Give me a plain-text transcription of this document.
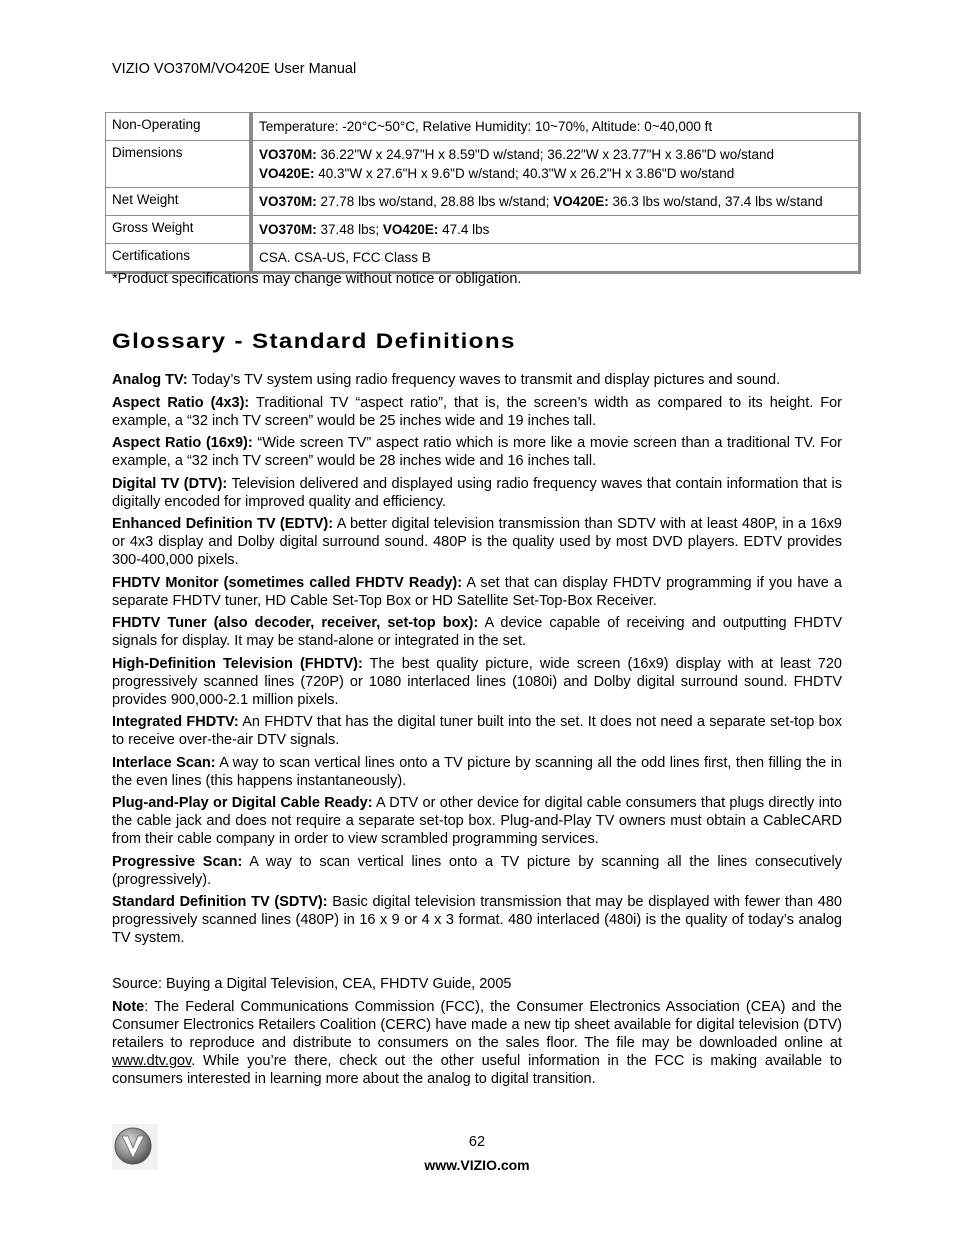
VIZIO VO370M/VO420E User Manual
Non-Operating	Temperature: -20°C~50°C, Relative Humidity: 10~70%, Altitude: 0~40,000 ft

Dimensions	VO370M: 36.22"W x 24.97"H x 8.59"D w/stand; 36.22"W x 23.77"H x 3.86"D wo/stand
VO420E: 40.3"W x 27.6"H x 9.6"D w/stand; 40.3"W x 26.2"H x 3.86"D wo/stand

Net Weight	VO370M: 27.78 lbs wo/stand, 28.88 lbs w/stand; VO420E: 36.3 lbs wo/stand, 37.4 lbs w/stand

Gross Weight	VO370M: 37.48 lbs; VO420E: 47.4 lbs

Certifications	CSA. CSA-US, FCC Class B
*Product specifications may change without notice or obligation.
Glossary - Standard Definitions

Analog TV: Today’s TV system using radio frequency waves to transmit and display pictures and sound.

Aspect Ratio (4x3): Traditional TV “aspect ratio”, that is, the screen’s width as compared to its height. For example, a “32 inch TV screen” would be 25 inches wide and 19 inches tall.

Aspect Ratio (16x9): “Wide screen TV” aspect ratio which is more like a movie screen than a traditional TV. For example, a “32 inch TV screen” would be 28 inches wide and 16 inches tall.

Digital TV (DTV): Television delivered and displayed using radio frequency waves that contain information that is digitally encoded for improved quality and efficiency.

Enhanced Definition TV (EDTV): A better digital television transmission than SDTV with at least 480P, in a 16x9 or 4x3 display and Dolby digital surround sound. 480P is the quality used by most DVD players. EDTV provides 300-400,000 pixels.

FHDTV Monitor (sometimes called FHDTV Ready): A set that can display FHDTV programming if you have a separate FHDTV tuner, HD Cable Set-Top Box or HD Satellite Set-Top-Box Receiver.

FHDTV Tuner (also decoder, receiver, set-top box): A device capable of receiving and outputting FHDTV signals for display. It may be stand-alone or integrated in the set.

High-Definition Television (FHDTV): The best quality picture, wide screen (16x9) display with at least 720 progressively scanned lines (720P) or 1080 interlaced lines (1080i) and Dolby digital surround sound. FHDTV provides 900,000-2.1 million pixels.

Integrated FHDTV: An FHDTV that has the digital tuner built into the set. It does not need a separate set-top box to receive over-the-air DTV signals.

Interlace Scan: A way to scan vertical lines onto a TV picture by scanning all the odd lines first, then filling the in the even lines (this happens instantaneously).

Plug-and-Play or Digital Cable Ready: A DTV or other device for digital cable consumers that plugs directly into the cable jack and does not require a separate set-top box. Plug-and-Play TV owners must obtain a CableCARD from their cable company in order to view scrambled programming services.

Progressive Scan: A way to scan vertical lines onto a TV picture by scanning all the lines consecutively (progressively).

Standard Definition TV (SDTV): Basic digital television transmission that may be displayed with fewer than 480 progressively scanned lines (480P) in 16 x 9 or 4 x 3 format. 480 interlaced (480i) is the quality of today’s analog TV system.

Source: Buying a Digital Television, CEA, FHDTV Guide, 2005

Note: The Federal Communications Commission (FCC), the Consumer Electronics Association (CEA) and the Consumer Electronics Retailers Coalition (CERC) have made a new tip sheet available for digital television (DTV) retailers to reproduce and distribute to consumers on the sales floor. The file may be downloaded online at www.dtv.gov. While you’re there, check out the other useful information in the FCC is making available to consumers interested in learning more about the analog to digital transition.

62
www.VIZIO.com
